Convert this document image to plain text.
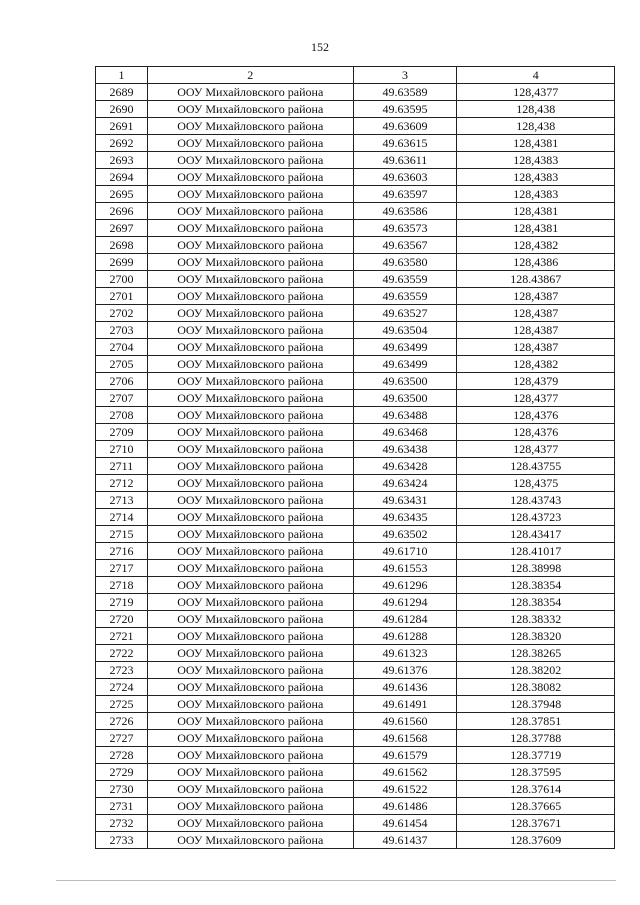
152
1	2	3	4
2689	ООУ Михайловского района	49.63589	128,4377
2690	ООУ Михайловского района	49.63595	128,438
2691	ООУ Михайловского района	49.63609	128,438
2692	ООУ Михайловского района	49.63615	128,4381
2693	ООУ Михайловского района	49.63611	128,4383
2694	ООУ Михайловского района	49.63603	128,4383
2695	ООУ Михайловского района	49.63597	128,4383
2696	ООУ Михайловского района	49.63586	128,4381
2697	ООУ Михайловского района	49.63573	128,4381
2698	ООУ Михайловского района	49.63567	128,4382
2699	ООУ Михайловского района	49.63580	128,4386
2700	ООУ Михайловского района	49.63559	128.43867
2701	ООУ Михайловского района	49.63559	128,4387
2702	ООУ Михайловского района	49.63527	128,4387
2703	ООУ Михайловского района	49.63504	128,4387
2704	ООУ Михайловского района	49.63499	128,4387
2705	ООУ Михайловского района	49.63499	128,4382
2706	ООУ Михайловского района	49.63500	128,4379
2707	ООУ Михайловского района	49.63500	128,4377
2708	ООУ Михайловского района	49.63488	128,4376
2709	ООУ Михайловского района	49.63468	128,4376
2710	ООУ Михайловского района	49.63438	128,4377
2711	ООУ Михайловского района	49.63428	128.43755
2712	ООУ Михайловского района	49.63424	128,4375
2713	ООУ Михайловского района	49.63431	128.43743
2714	ООУ Михайловского района	49.63435	128.43723
2715	ООУ Михайловского района	49.63502	128.43417
2716	ООУ Михайловского района	49.61710	128.41017
2717	ООУ Михайловского района	49.61553	128.38998
2718	ООУ Михайловского района	49.61296	128.38354
2719	ООУ Михайловского района	49.61294	128.38354
2720	ООУ Михайловского района	49.61284	128.38332
2721	ООУ Михайловского района	49.61288	128.38320
2722	ООУ Михайловского района	49.61323	128.38265
2723	ООУ Михайловского района	49.61376	128.38202
2724	ООУ Михайловского района	49.61436	128.38082
2725	ООУ Михайловского района	49.61491	128.37948
2726	ООУ Михайловского района	49.61560	128.37851
2727	ООУ Михайловского района	49.61568	128.37788
2728	ООУ Михайловского района	49.61579	128.37719
2729	ООУ Михайловского района	49.61562	128.37595
2730	ООУ Михайловского района	49.61522	128.37614
2731	ООУ Михайловского района	49.61486	128.37665
2732	ООУ Михайловского района	49.61454	128.37671
2733	ООУ Михайловского района	49.61437	128.37609
